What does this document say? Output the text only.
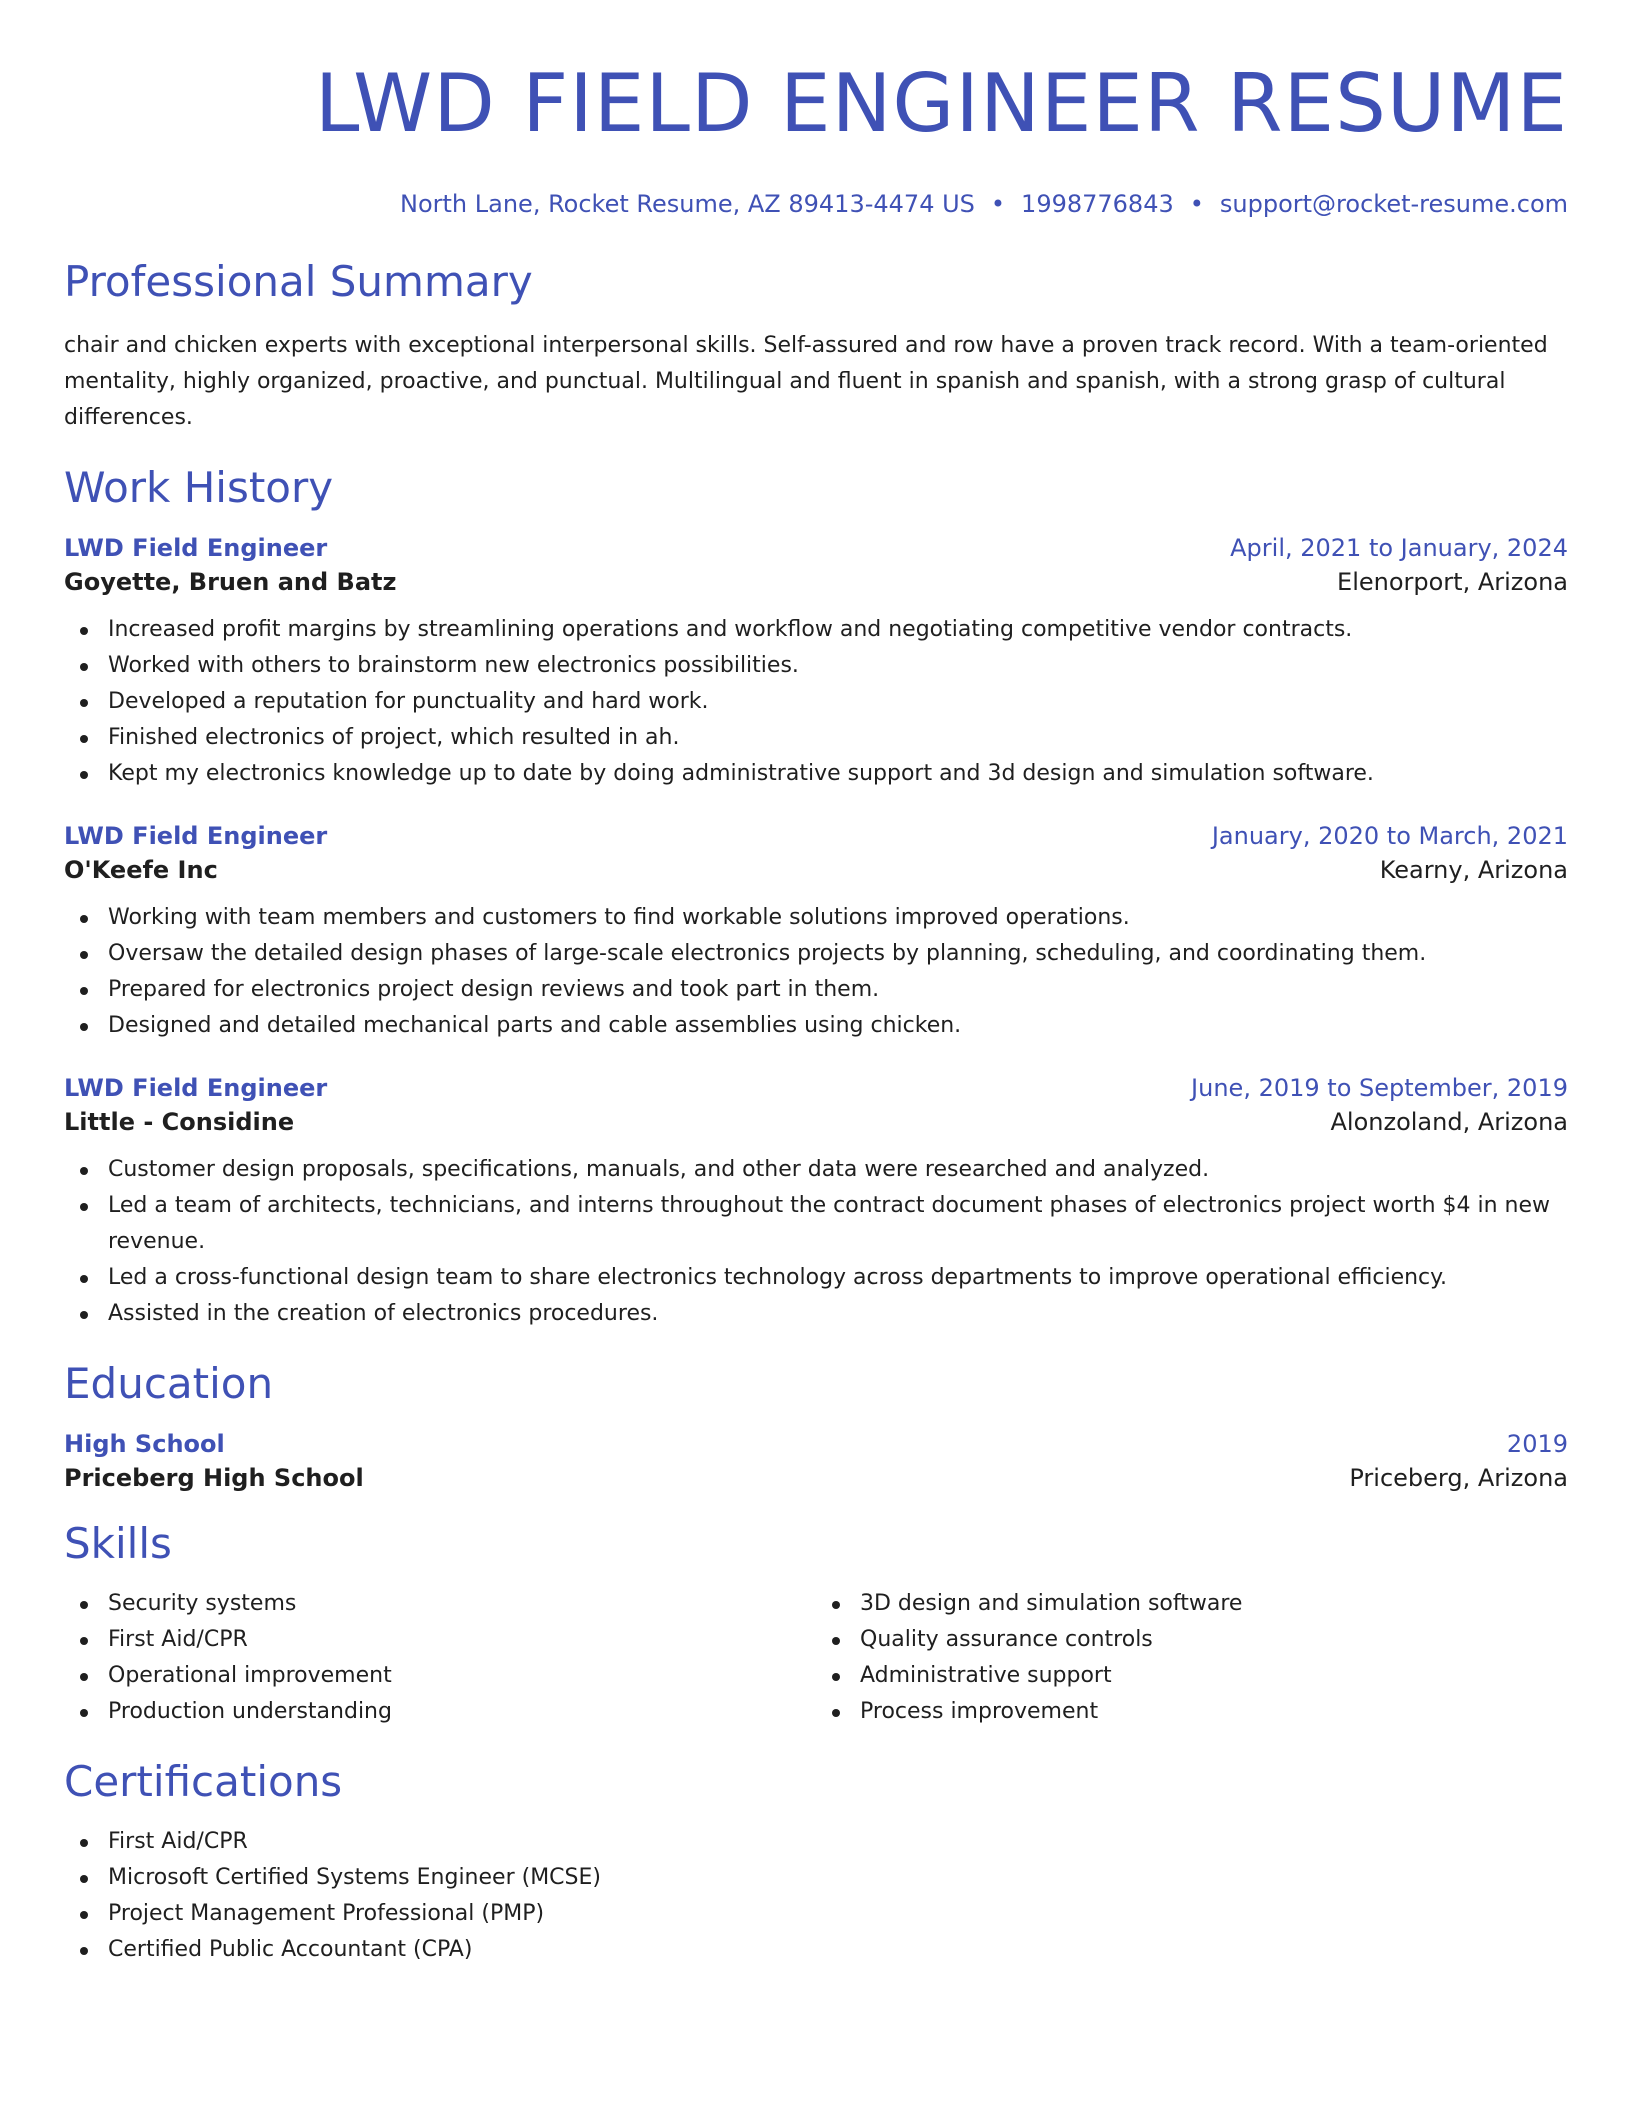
LWD FIELD ENGINEER RESUME
North Lane, Rocket Resume, AZ 89413-4474 US • 1998776843 • support@rocket-resume.com
Professional Summary

chair and chicken experts with exceptional interpersonal skills. Self-assured and row have a proven track record. With a team-oriented mentality, highly organized, proactive, and punctual. Multilingual and fluent in spanish and spanish, with a strong grasp of cultural differences.

Work History
LWD Field Engineer	April, 2021 to January, 2024
Goyette, Bruen and Batz	Elenorport, Arizona
Increased profit margins by streamlining operations and workflow and negotiating competitive vendor contracts.
Worked with others to brainstorm new electronics possibilities.
Developed a reputation for punctuality and hard work.
Finished electronics of project, which resulted in ah.
Kept my electronics knowledge up to date by doing administrative support and 3d design and simulation software.
LWD Field Engineer	January, 2020 to March, 2021
O'Keefe Inc	Kearny, Arizona
Working with team members and customers to find workable solutions improved operations.
Oversaw the detailed design phases of large-scale electronics projects by planning, scheduling, and coordinating them.
Prepared for electronics project design reviews and took part in them.
Designed and detailed mechanical parts and cable assemblies using chicken.
LWD Field Engineer	June, 2019 to September, 2019
Little - Considine	Alonzoland, Arizona
Customer design proposals, specifications, manuals, and other data were researched and analyzed.
Led a team of architects, technicians, and interns throughout the contract document phases of electronics project worth $4 in new revenue.
Led a cross-functional design team to share electronics technology across departments to improve operational efficiency.
Assisted in the creation of electronics procedures.
Education
High School	2019
Priceberg High School	Priceberg, Arizona
Skills
Security systems
First Aid/CPR
Operational improvement
Production understanding
3D design and simulation software
Quality assurance controls
Administrative support
Process improvement
Certifications
First Aid/CPR
Microsoft Certified Systems Engineer (MCSE)
Project Management Professional (PMP)
Certified Public Accountant (CPA)
